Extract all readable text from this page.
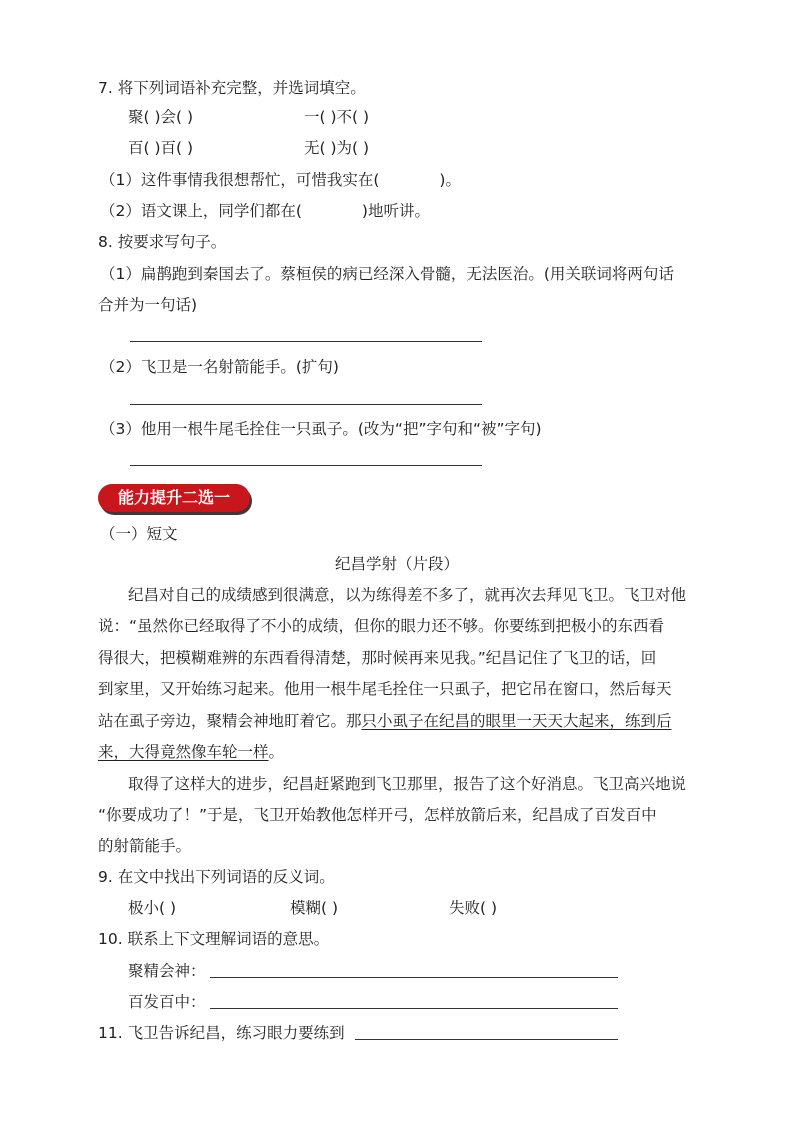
7. 将下列词语补充完整，并选词填空。
聚( )会( )	一( )不( )
百( )百( )	无( )为( )
（1）这件事情我很想帮忙，可惜我实在(	)。
（2）语文课上，同学们都在(	)地听讲。
8. 按要求写句子。
（1）扁鹊跑到秦国去了。蔡桓侯的病已经深入骨髓，无法医治。(用关联词将两句话
合并为一句话)
（2）飞卫是一名射箭能手。(扩句)
（3）他用一根牛尾毛拴住一只虱子。(改为“把”字句和“被”字句)
能力提升二选一
（一）短文
纪昌学射（片段）
纪昌对自己的成绩感到很满意，以为练得差不多了，就再次去拜见飞卫。飞卫对他
说：“虽然你已经取得了不小的成绩，但你的眼力还不够。你要练到把极小的东西看
得很大，把模糊难辨的东西看得清楚，那时候再来见我。”纪昌记住了飞卫的话，回
到家里，又开始练习起来。他用一根牛尾毛拴住一只虱子，把它吊在窗口，然后每天
站在虱子旁边，聚精会神地盯着它。那只小虱子在纪昌的眼里一天天大起来，练到后
来，大得竟然像车轮一样。
取得了这样大的进步，纪昌赶紧跑到飞卫那里，报告了这个好消息。飞卫高兴地说
“你要成功了！”于是，飞卫开始教他怎样开弓，怎样放箭后来，纪昌成了百发百中
的射箭能手。
9. 在文中找出下列词语的反义词。
极小( )	模糊( )	失败( )
10. 联系上下文理解词语的意思。
聚精会神：
百发百中：
11. 飞卫告诉纪昌，练习眼力要练到
